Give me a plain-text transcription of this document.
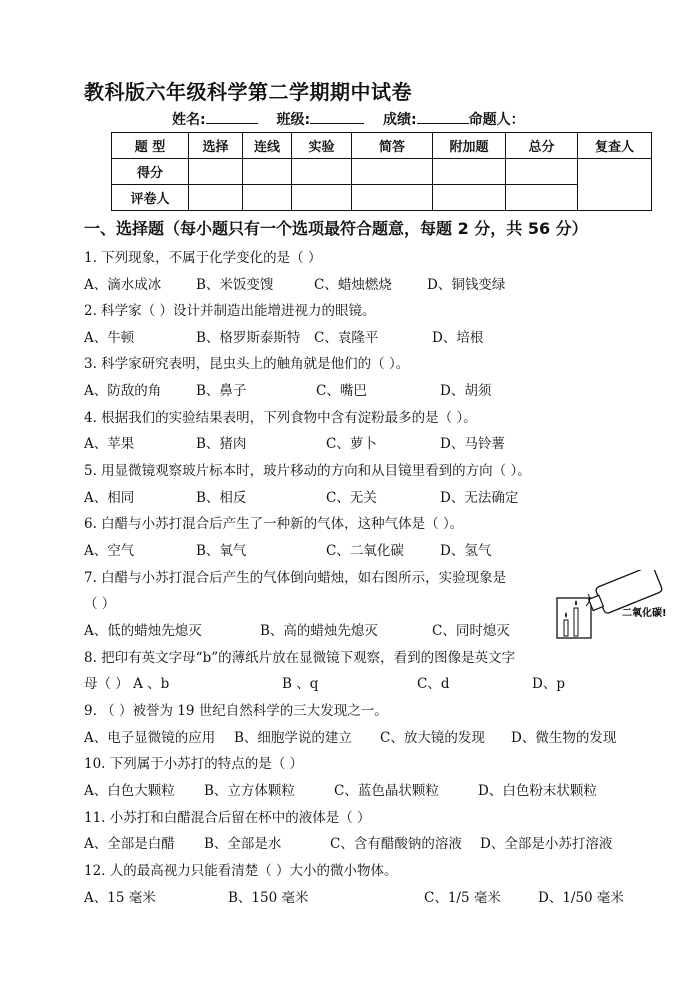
教科版六年级科学第二学期期中试卷
姓名:	班级:	成绩:	命题人：
题 型	选择	连线	实验	简答	附加题	总分	复查人
得分							
评卷人							
一、选择题（每小题只有一个选项最符合题意，每题 2 分，共 56 分）
1. 下列现象，不属于化学变化的是（ ）
A、滴水成冰	B、米饭变馊	C、蜡烛燃烧	D、铜钱变绿
2. 科学家（ ）设计并制造出能增进视力的眼镜。
A、牛顿	B、格罗斯泰斯特 C、袁隆平	D、培根
3. 科学家研究表明，昆虫头上的触角就是他们的（ ）。
A、防敌的角	B、鼻子	C、嘴巴	D、胡须
4. 根据我们的实验结果表明，下列食物中含有淀粉最多的是（ ）。
A、苹果	B、猪肉	C、萝卜	D、马铃薯
5. 用显微镜观察玻片标本时，玻片移动的方向和从目镜里看到的方向（ ）。
A、相同	B、相反	C、无关	D、无法确定
6. 白醋与小苏打混合后产生了一种新的气体，这种气体是（ ）。
A、空气	B、氧气	C、二氧化碳	D、氢气
7. 白醋与小苏打混合后产生的气体倒向蜡烛，如右图所示，实验现象是
（ ）
A、低的蜡烛先熄灭	B、高的蜡烛先熄灭	C、同时熄灭
二氧化碳!
8. 把印有英文字母“b”的薄纸片放在显微镜下观察，看到的图像是英文字
母（ ） A 、b	B 、q	C、d	D、p
9. （ ）被誉为 19 世纪自然科学的三大发现之一。
A、电子显微镜的应用 B、细胞学说的建立 C、放大镜的发现 D、微生物的发现
10. 下列属于小苏打的特点的是（ ）
A、白色大颗粒 B、立方体颗粒	C、蓝色晶状颗粒	D、白色粉末状颗粒
11. 小苏打和白醋混合后留在杯中的液体是（ ）
A、全部是白醋 B、全部是水	C、含有醋酸钠的溶液 D、全部是小苏打溶液
12. 人的最高视力只能看清楚（ ）大小的微小物体。
A、15 毫米	B、150 毫米	C、1/5 毫米	D、1/50 毫米
